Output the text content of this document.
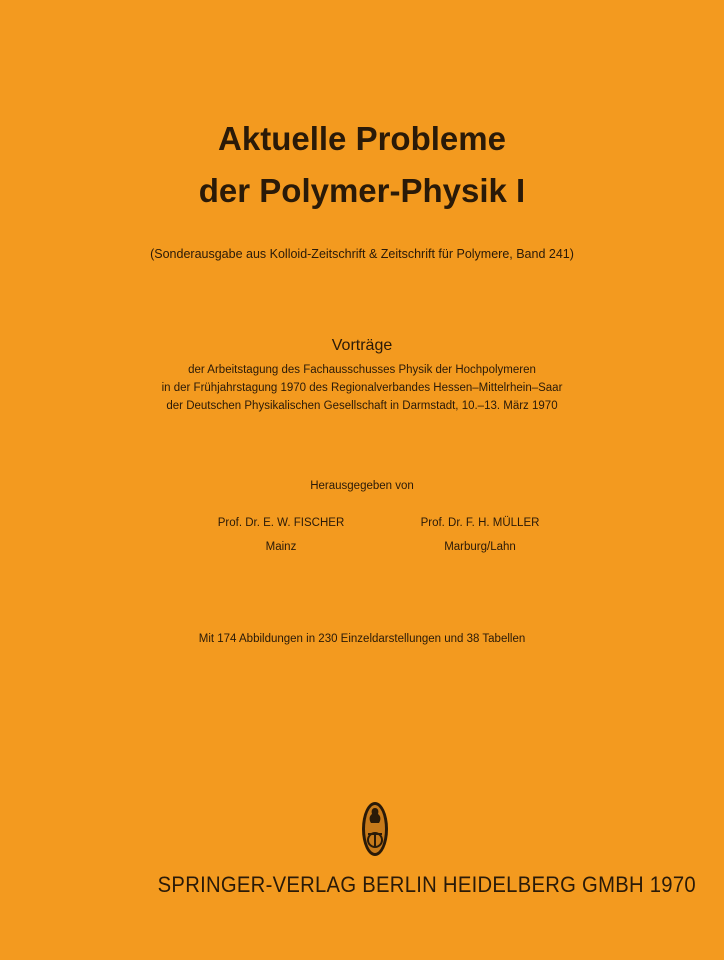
Aktuelle Probleme
der Polymer-Physik I
(Sonderausgabe aus Kolloid-Zeitschrift & Zeitschrift für Polymere, Band 241)
Vorträge
der Arbeitstagung des Fachausschusses Physik der Hochpolymeren
in der Frühjahrstagung 1970 des Regionalverbandes Hessen–Mittelrhein–Saar
der Deutschen Physikalischen Gesellschaft in Darmstadt, 10.–13. März 1970
Herausgegeben von
Prof. Dr. E. W. FISCHER
Mainz
Prof. Dr. F. H. MÜLLER
Marburg/Lahn
Mit 174 Abbildungen in 230 Einzeldarstellungen und 38 Tabellen
SPRINGER-VERLAG BERLIN HEIDELBERG GMBH 1970
